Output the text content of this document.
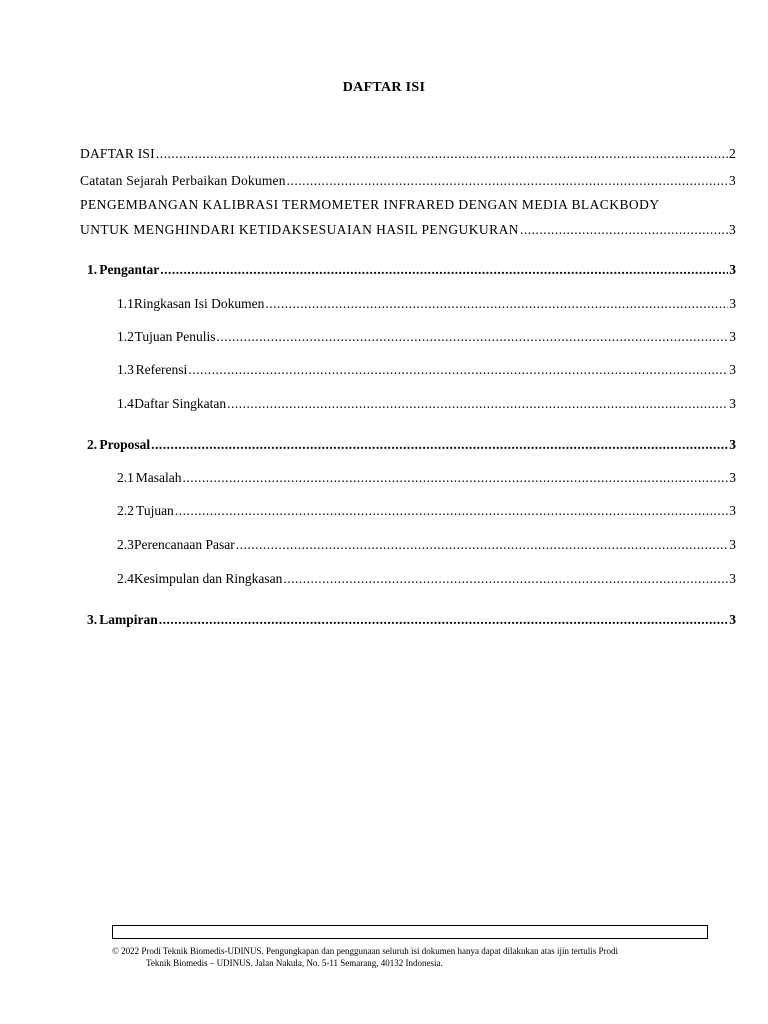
DAFTAR ISI
DAFTAR ISI .....	2
Catatan Sejarah Perbaikan Dokumen .....	3
PENGEMBANGAN KALIBRASI TERMOMETER INFRARED DENGAN MEDIA BLACKBODY
UNTUK MENGHINDARI KETIDAKSESUAIAN HASIL PENGUKURAN .....	3
1. Pengantar .....	3
1.1 Ringkasan Isi Dokumen .....	3
1.2 Tujuan Penulis .....	3
1.3 Referensi .....	3
1.4 Daftar Singkatan .....	3
2. Proposal .....	3
2.1 Masalah .....	3
2.2 Tujuan .....	3
2.3 Perencanaan Pasar .....	3
2.4 Kesimpulan dan Ringkasan .....	3
3. Lampiran .....	3
© 2022 Prodi Teknik Biomedis-UDINUS. Pengungkapan dan penggunaan seluruh isi dokumen hanya dapat dilakukan atas ijin tertulis Prodi
Teknik Biomedis – UDINUS. Jalan Nakula, No. 5-11 Semarang, 40132 Indonesia.
